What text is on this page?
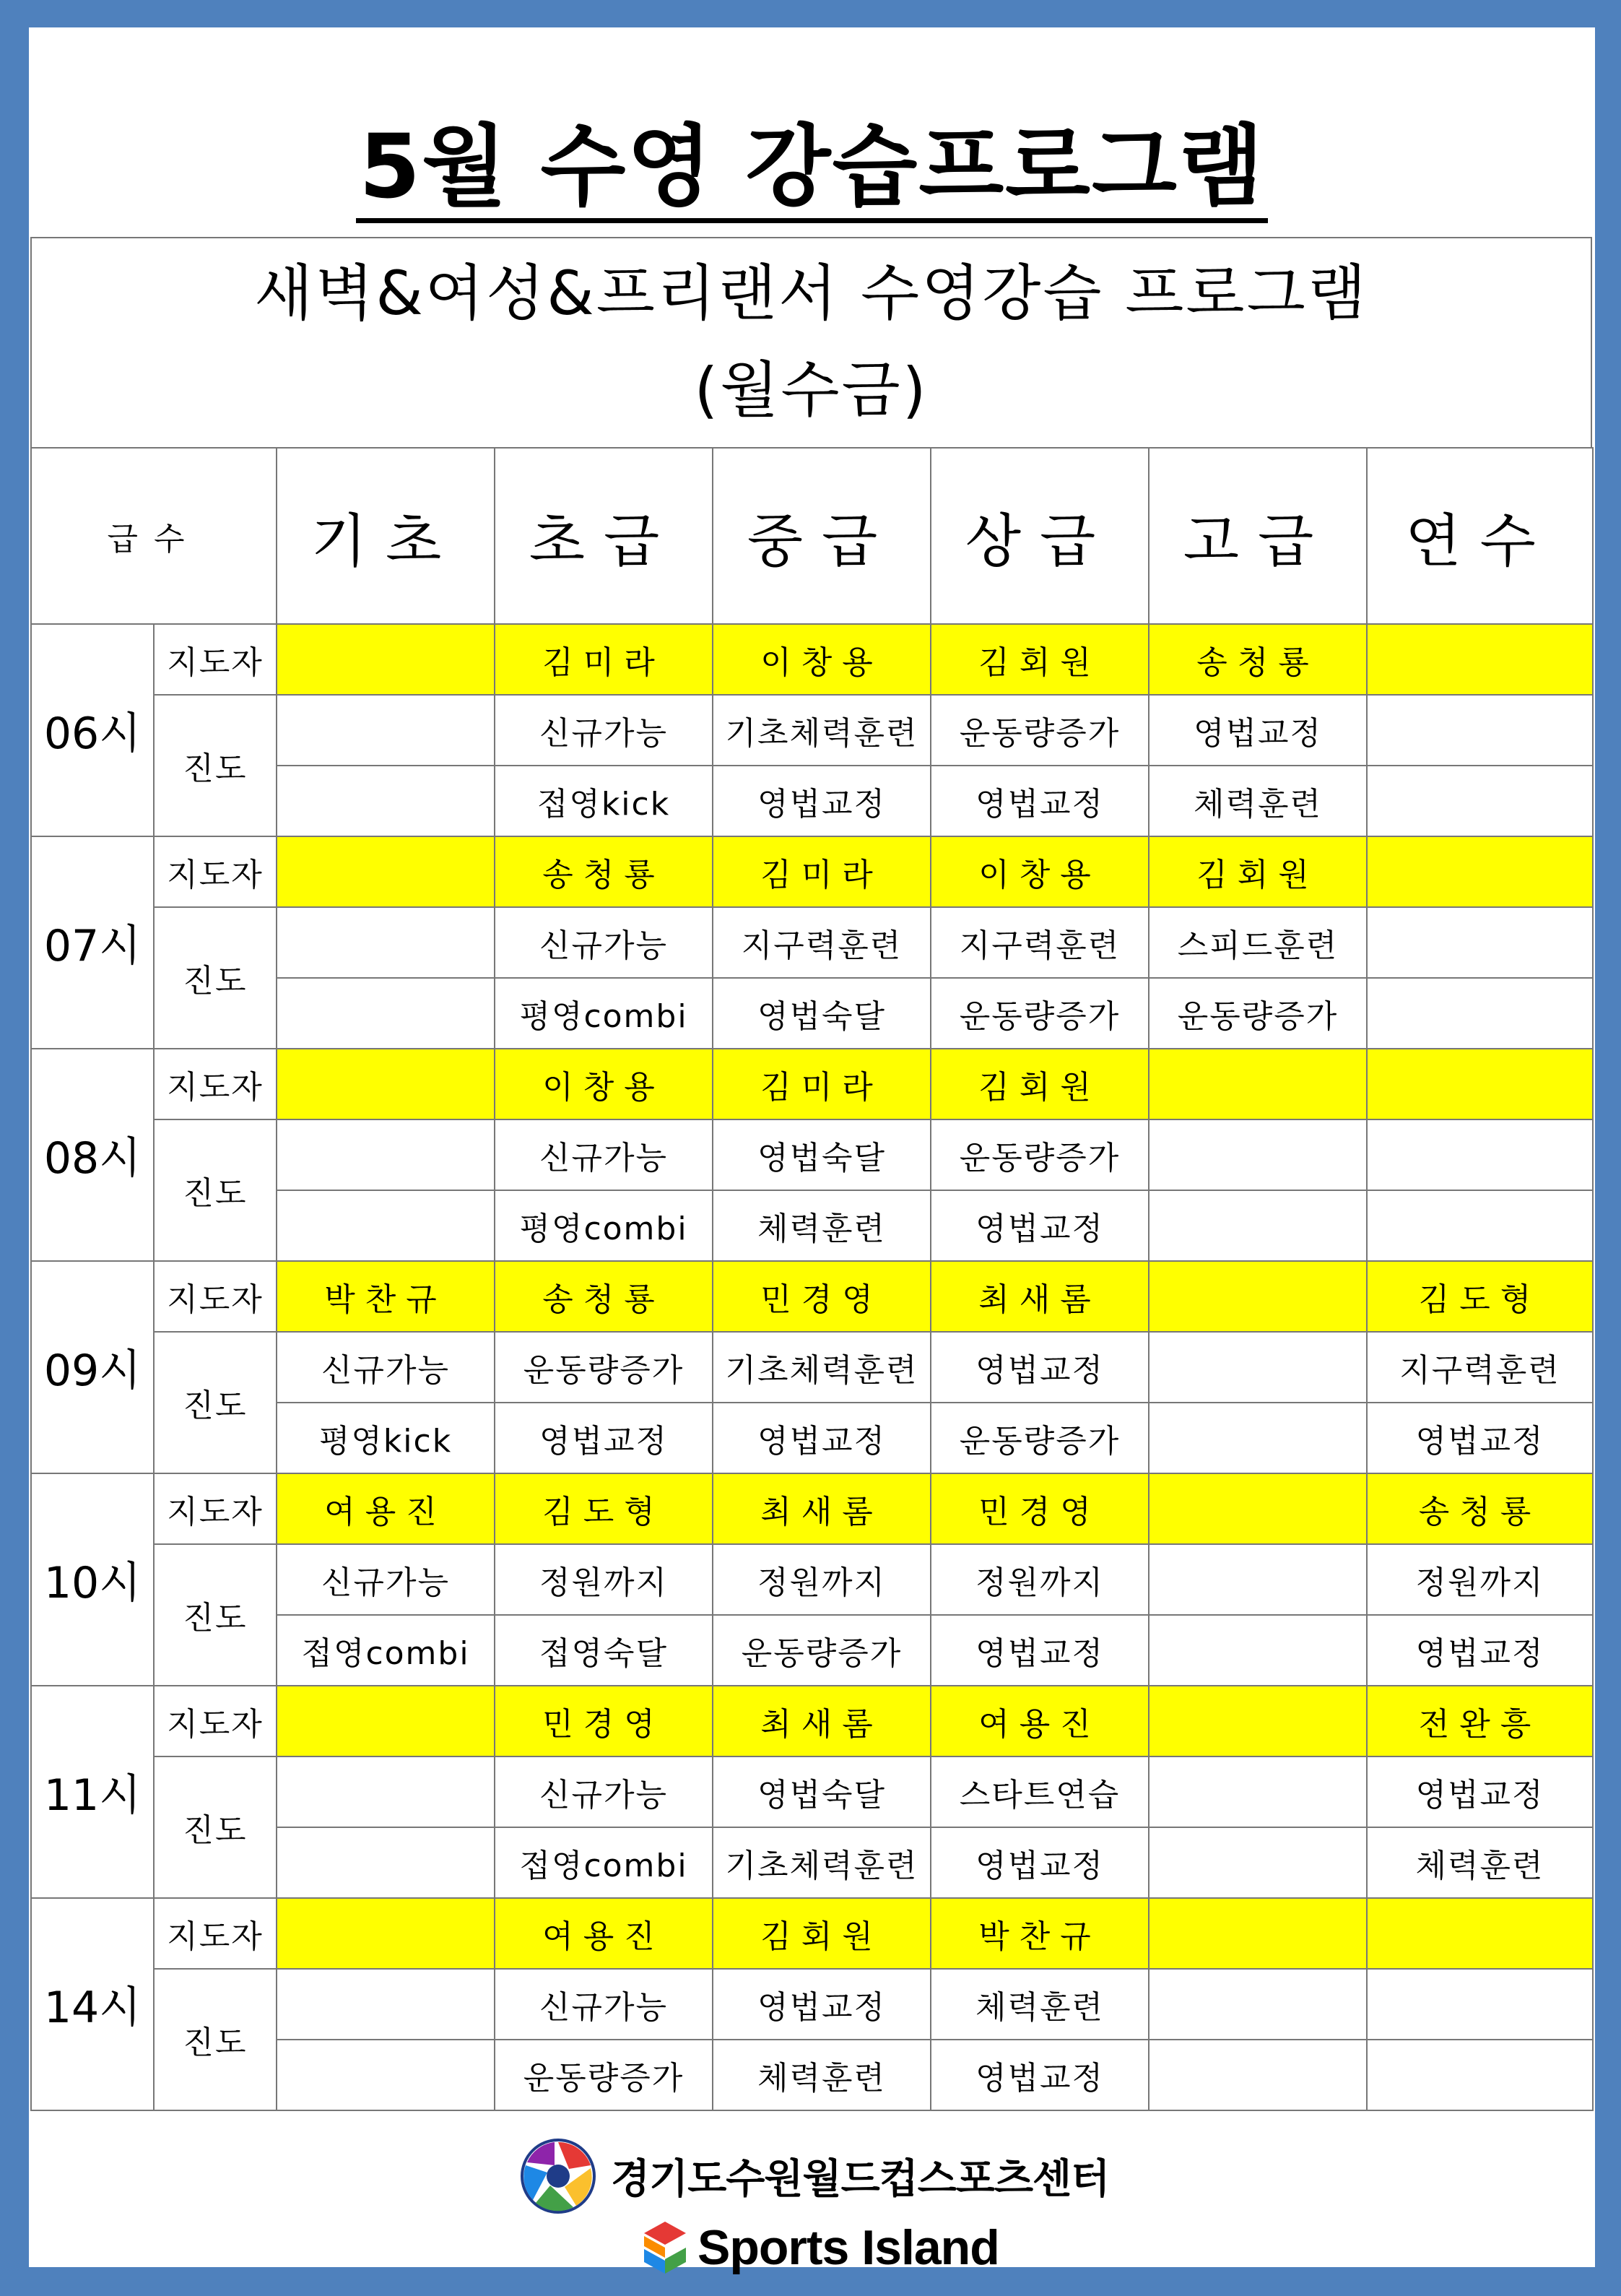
5월 수영 강습프로그램
새벽&여성&프리랜서 수영강습 프로그램
(월수금)
급수		기초	초급	중급	상급	고급	연수
06시	지도자		김미라	이창용	김회원	송청룡	
	진도		신규가능	기초체력훈련	운동량증가	영법교정	
			접영kick	영법교정	영법교정	체력훈련	
07시	지도자		송청룡	김미라	이창용	김회원	
	진도		신규가능	지구력훈련	지구력훈련	스피드훈련	
			평영combi	영법숙달	운동량증가	운동량증가	
08시	지도자		이창용	김미라	김회원		
	진도		신규가능	영법숙달	운동량증가		
			평영combi	체력훈련	영법교정		
09시	지도자	박찬규	송청룡	민경영	최새롬		김도형
	진도	신규가능	운동량증가	기초체력훈련	영법교정		지구력훈련
		평영kick	영법교정	영법교정	운동량증가		영법교정
10시	지도자	여용진	김도형	최새롬	민경영		송청룡
	진도	신규가능	정원까지	정원까지	정원까지		정원까지
		접영combi	접영숙달	운동량증가	영법교정		영법교정
11시	지도자		민경영	최새롬	여용진		전완흥
	진도		신규가능	영법숙달	스타트연습		영법교정
			접영combi	기초체력훈련	영법교정		체력훈련
14시	지도자		여용진	김회원	박찬규		
	진도		신규가능	영법교정	체력훈련		
			운동량증가	체력훈련	영법교정		
경기도수원월드컵스포츠센터
Sports Island
